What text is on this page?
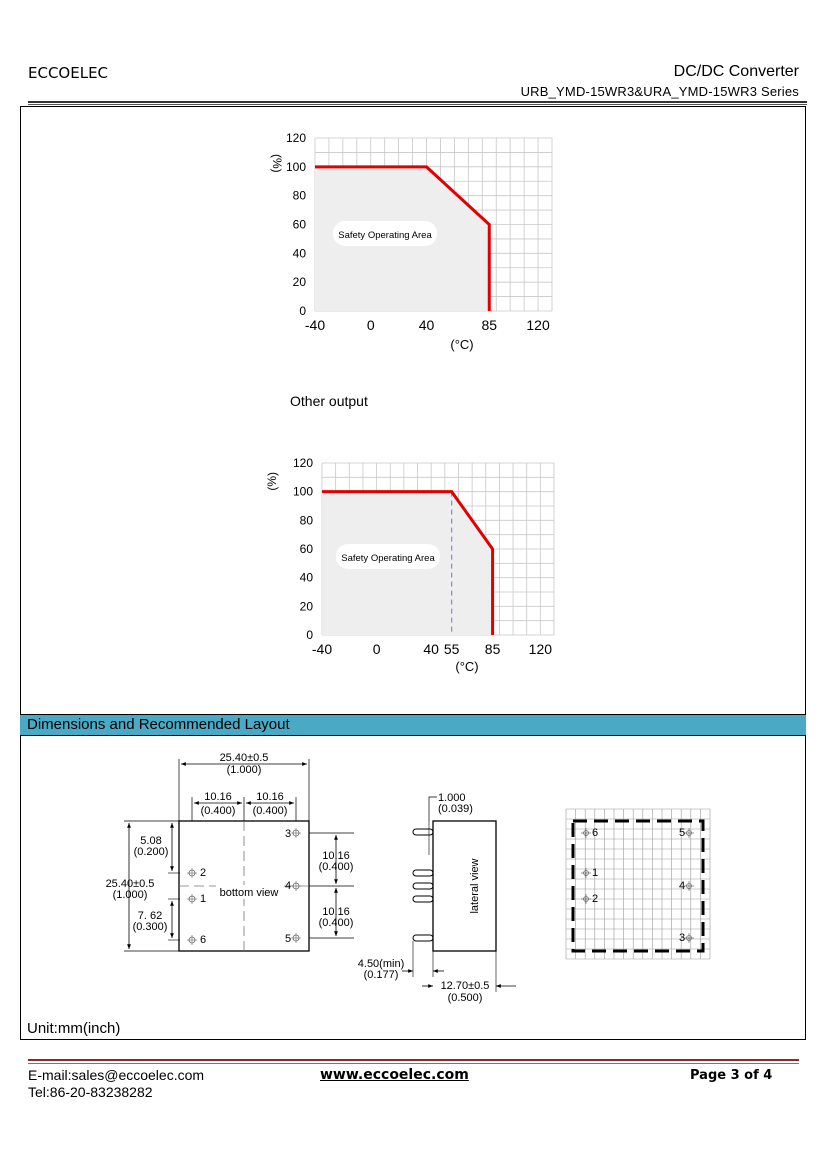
ECCOELEC	DC/DC Converter
URB_YMD-15WR3&URA_YMD-15WR3 Series
Safety Operating Area
0
20
40
60
80
100
120
-40	0	40	85 120
(%)
(°C)
Other output
Safety Operating Area
0
20
40
60
80
100
120
-40	0	40 55 85 120
(%)
(°C)
Dimensions and Recommended Layout
25.40±0.5
(1.000)
10.16
(0.400)
10.16
(0.400)
5.08
(0.200)
25.40±0.5
(1.000)
7. 62
(0.300)
10.16
(0.400)
10.16
(0.400)
2
1
6
3
4
5
bottom view	lateral view
1.000
(0.039)
4.50(min)
(0.177)
12.70±0.5
(0.500)
6
1
2
5
4
3
Unit:mm(inch)
E-mail:sales@eccoelec.com
Tel:86-20-83238282
www.eccoelec.com	Page 3 of 4
